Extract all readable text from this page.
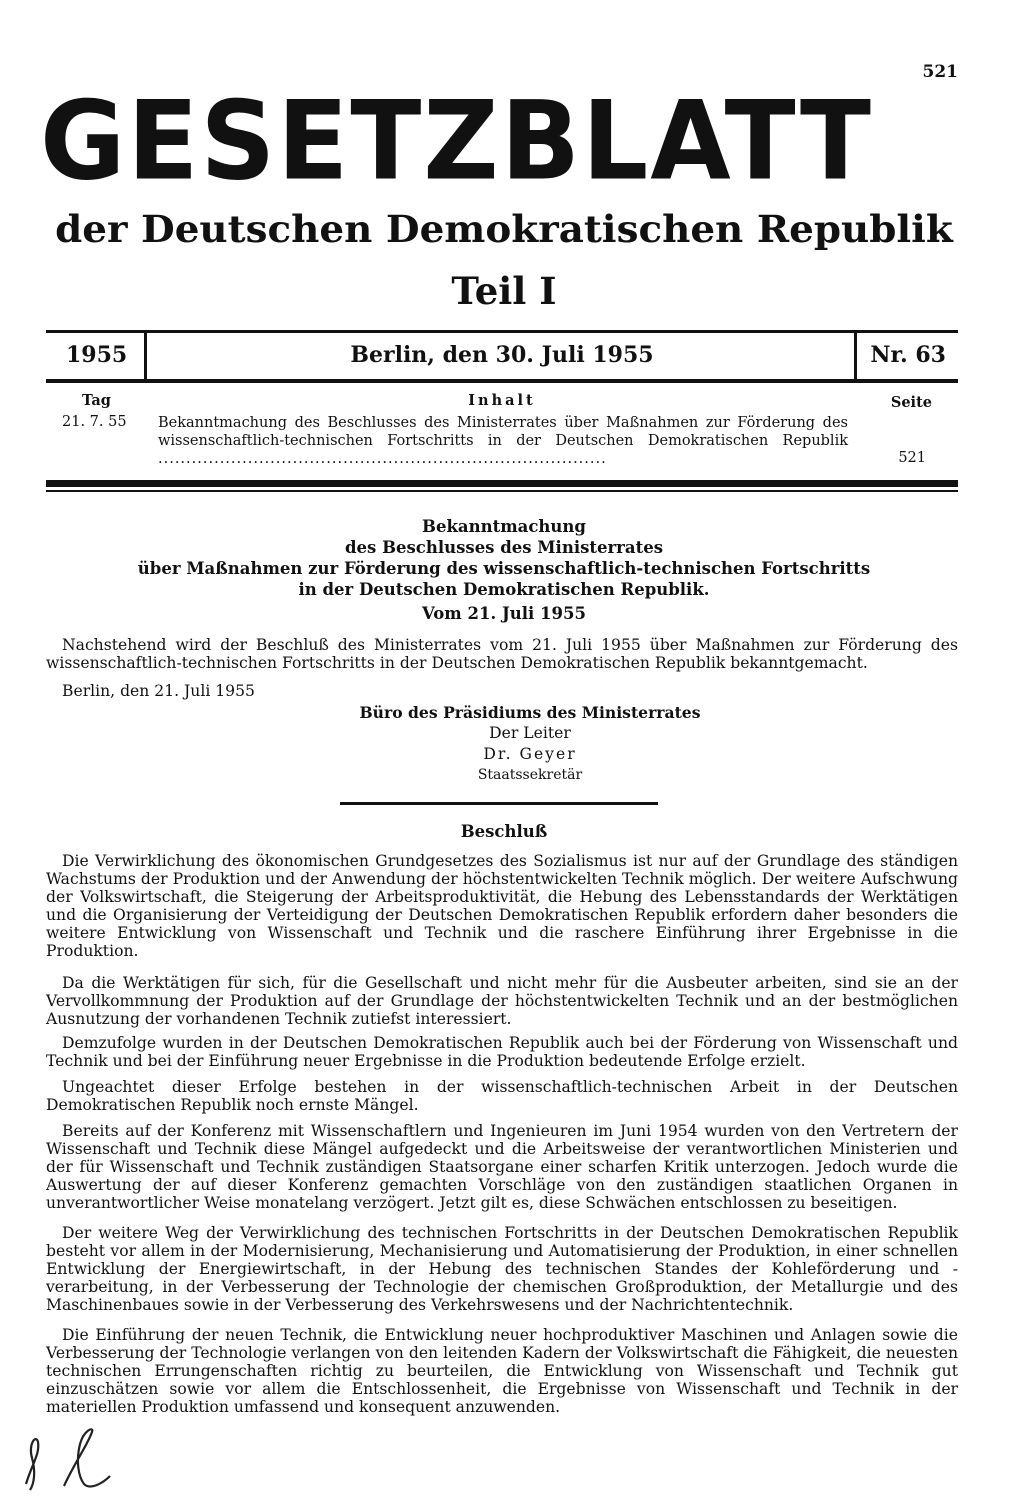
521
GESETZBLATT
der Deutschen Demokratischen Republik
Teil I
1955	Berlin, den 30. Juli 1955	Nr. 63
Tag	Inhalt	Seite
21. 7. 55 Bekanntmachung des Beschlusses des Ministerrates über Maßnahmen zur Förderung des wissenschaftlich-technischen Fortschritts in der Deutschen Demokratischen Republik ................................................................................	521
Bekanntmachung
des Beschlusses des Ministerrates
über Maßnahmen zur Förderung des wissenschaftlich-technischen Fortschritts
in der Deutschen Demokratischen Republik.
Vom 21. Juli 1955
Nachstehend wird der Beschluß des Ministerrates vom 21. Juli 1955 über Maßnahmen zur Förderung des wissenschaftlich-technischen Fortschritts in der Deutschen Demokratischen Republik bekanntgemacht.
Berlin, den 21. Juli 1955
Büro des Präsidiums des Ministerrates
Der Leiter
Dr. Geyer
Staatssekretär
Beschluß
Die Verwirklichung des ökonomischen Grundgesetzes des Sozialismus ist nur auf der Grundlage des ständigen Wachstums der Produktion und der Anwendung der höchstentwickelten Technik möglich. Der weitere Aufschwung der Volkswirtschaft, die Steigerung der Arbeitsproduktivität, die Hebung des Lebensstandards der Werktätigen und die Organisierung der Verteidigung der Deutschen Demokratischen Republik erfordern daher besonders die weitere Entwicklung von Wissenschaft und Technik und die raschere Einführung ihrer Ergebnisse in die Produktion.
Da die Werktätigen für sich, für die Gesellschaft und nicht mehr für die Ausbeuter arbeiten, sind sie an der Vervollkommnung der Produktion auf der Grundlage der höchstentwickelten Technik und an der bestmöglichen Ausnutzung der vorhandenen Technik zutiefst interessiert.
Demzufolge wurden in der Deutschen Demokratischen Republik auch bei der Förderung von Wissenschaft und Technik und bei der Einführung neuer Ergebnisse in die Produktion bedeutende Erfolge erzielt.
Ungeachtet dieser Erfolge bestehen in der wissenschaftlich-technischen Arbeit in der Deutschen Demokratischen Republik noch ernste Mängel.
Bereits auf der Konferenz mit Wissenschaftlern und Ingenieuren im Juni 1954 wurden von den Vertretern der Wissenschaft und Technik diese Mängel aufgedeckt und die Arbeitsweise der verantwortlichen Ministerien und der für Wissenschaft und Technik zuständigen Staatsorgane einer scharfen Kritik unterzogen. Jedoch wurde die Auswertung der auf dieser Konferenz gemachten Vorschläge von den zuständigen staatlichen Organen in unverantwortlicher Weise monatelang verzögert. Jetzt gilt es, diese Schwächen entschlossen zu beseitigen.
Der weitere Weg der Verwirklichung des technischen Fortschritts in der Deutschen Demokratischen Republik besteht vor allem in der Modernisierung, Mechanisierung und Automatisierung der Produktion, in einer schnellen Entwicklung der Energiewirtschaft, in der Hebung des technischen Standes der Kohleförderung und -verarbeitung, in der Verbesserung der Technologie der chemischen Großproduktion, der Metallurgie und des Maschinenbaues sowie in der Verbesserung des Verkehrswesens und der Nachrichtentechnik.
Die Einführung der neuen Technik, die Entwicklung neuer hochproduktiver Maschinen und Anlagen sowie die Verbesserung der Technologie verlangen von den leitenden Kadern der Volkswirtschaft die Fähigkeit, die neuesten technischen Errungenschaften richtig zu beurteilen, die Entwicklung von Wissenschaft und Technik gut einzuschätzen sowie vor allem die Entschlossenheit, die Ergebnisse von Wissenschaft und Technik in der materiellen Produktion umfassend und konsequent anzuwenden.
